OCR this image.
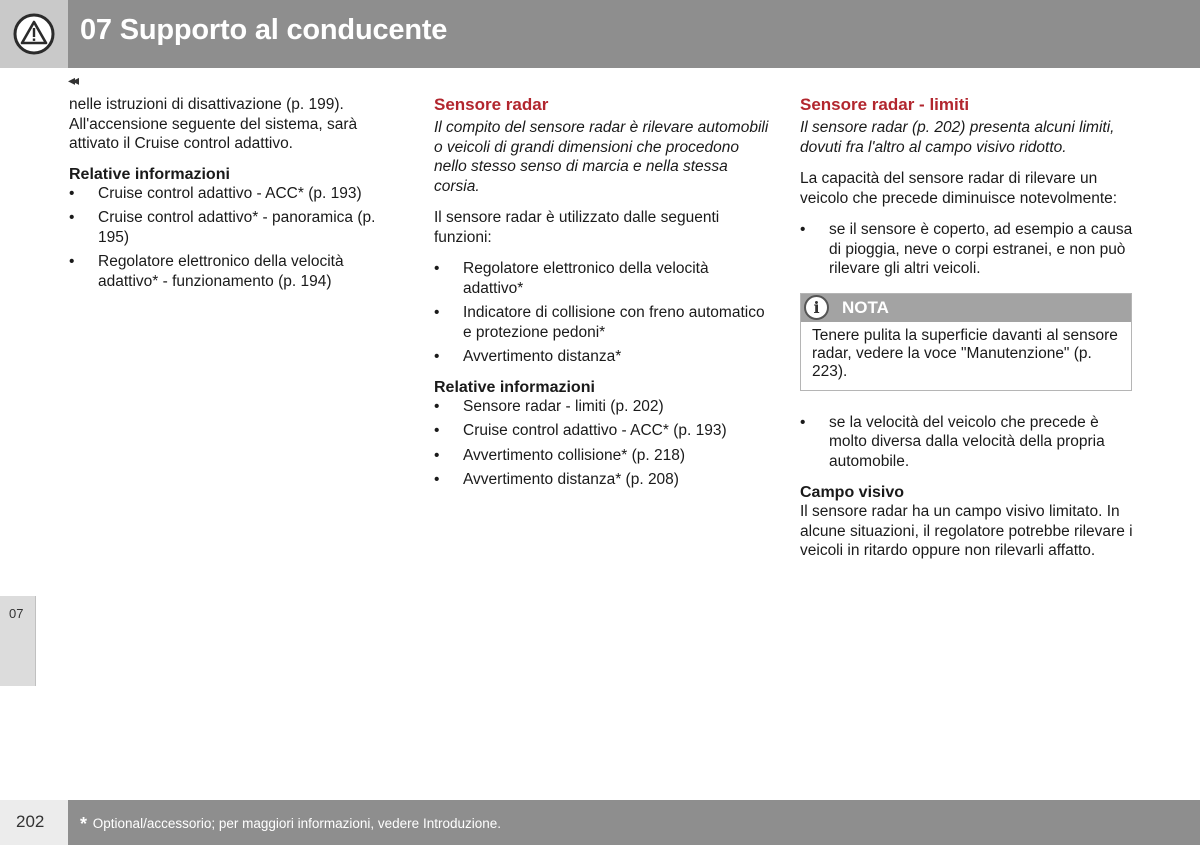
07 Supporto al conducente
◂◂

nelle istruzioni di disattivazione (p. 199). All'accensione seguente del sistema, sarà attivato il Cruise control adattivo.

Relative informazioni
• Cruise control adattivo - ACC* (p. 193)
• Cruise control adattivo* - panoramica (p. 195)
• Regolatore elettronico della velocità adattivo* - funzionamento (p. 194)
Sensore radar

Il compito del sensore radar è rilevare automobili o veicoli di grandi dimensioni che procedono nello stesso senso di marcia e nella stessa corsia.

Il sensore radar è utilizzato dalle seguenti funzioni:

• Regolatore elettronico della velocità adattivo*
• Indicatore di collisione con freno automatico e protezione pedoni*
• Avvertimento distanza*
Relative informazioni
• Sensore radar - limiti (p. 202)
• Cruise control adattivo - ACC* (p. 193)
• Avvertimento collisione* (p. 218)
• Avvertimento distanza* (p. 208)
Sensore radar - limiti

Il sensore radar (p. 202) presenta alcuni limiti, dovuti fra l'altro al campo visivo ridotto.

La capacità del sensore radar di rilevare un veicolo che precede diminuisce notevolmente:

• se il sensore è coperto, ad esempio a causa di pioggia, neve o corpi estranei, e non può rilevare gli altri veicoli.
i	NOTA
Tenere pulita la superficie davanti al sensore radar, vedere la voce "Manutenzione" (p. 223).
• se la velocità del veicolo che precede è molto diversa dalla velocità della propria automobile.
Campo visivo

Il sensore radar ha un campo visivo limitato. In alcune situazioni, il regolatore potrebbe rilevare i veicoli in ritardo oppure non rilevarli affatto.

07
202 * Optional/accessorio; per maggiori informazioni, vedere Introduzione.
